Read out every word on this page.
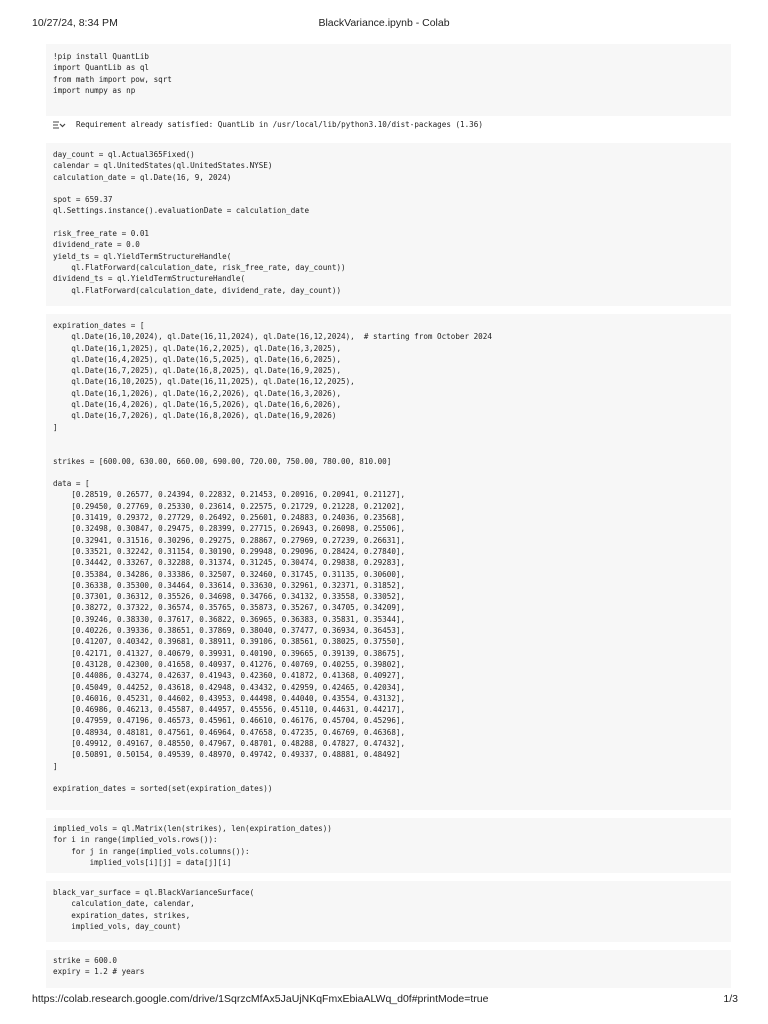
10/27/24, 8:34 PM	BlackVariance.ipynb - Colab
!pip install QuantLib
import QuantLib as ql
from math import pow, sqrt
import numpy as np
Requirement already satisfied: QuantLib in /usr/local/lib/python3.10/dist-packages (1.36)
day_count = ql.Actual365Fixed()
calendar = ql.UnitedStates(ql.UnitedStates.NYSE)
calculation_date = ql.Date(16, 9, 2024)

spot = 659.37
ql.Settings.instance().evaluationDate = calculation_date

risk_free_rate = 0.01
dividend_rate = 0.0
yield_ts = ql.YieldTermStructureHandle(
ql.FlatForward(calculation_date, risk_free_rate, day_count))
dividend_ts = ql.YieldTermStructureHandle(
ql.FlatForward(calculation_date, dividend_rate, day_count))
expiration_dates = [
ql.Date(16,10,2024), ql.Date(16,11,2024), ql.Date(16,12,2024),  # starting from October 2024
ql.Date(16,1,2025), ql.Date(16,2,2025), ql.Date(16,3,2025),
ql.Date(16,4,2025), ql.Date(16,5,2025), ql.Date(16,6,2025),
ql.Date(16,7,2025), ql.Date(16,8,2025), ql.Date(16,9,2025),
ql.Date(16,10,2025), ql.Date(16,11,2025), ql.Date(16,12,2025),
ql.Date(16,1,2026), ql.Date(16,2,2026), ql.Date(16,3,2026),
ql.Date(16,4,2026), ql.Date(16,5,2026), ql.Date(16,6,2026),
ql.Date(16,7,2026), ql.Date(16,8,2026), ql.Date(16,9,2026)
]

strikes = [600.00, 630.00, 660.00, 690.00, 720.00, 750.00, 780.00, 810.00]

data = [
[0.28519, 0.26577, 0.24394, 0.22832, 0.21453, 0.20916, 0.20941, 0.21127],
[0.29450, 0.27769, 0.25330, 0.23614, 0.22575, 0.21729, 0.21228, 0.21202],
[0.31419, 0.29372, 0.27729, 0.26492, 0.25601, 0.24883, 0.24036, 0.23568],
[0.32498, 0.30847, 0.29475, 0.28399, 0.27715, 0.26943, 0.26098, 0.25506],
[0.32941, 0.31516, 0.30296, 0.29275, 0.28867, 0.27969, 0.27239, 0.26631],
[0.33521, 0.32242, 0.31154, 0.30190, 0.29948, 0.29096, 0.28424, 0.27840],
[0.34442, 0.33267, 0.32288, 0.31374, 0.31245, 0.30474, 0.29838, 0.29283],
[0.35384, 0.34286, 0.33386, 0.32507, 0.32460, 0.31745, 0.31135, 0.30600],
[0.36338, 0.35300, 0.34464, 0.33614, 0.33630, 0.32961, 0.32371, 0.31852],
[0.37301, 0.36312, 0.35526, 0.34698, 0.34766, 0.34132, 0.33558, 0.33052],
[0.38272, 0.37322, 0.36574, 0.35765, 0.35873, 0.35267, 0.34705, 0.34209],
[0.39246, 0.38330, 0.37617, 0.36822, 0.36965, 0.36383, 0.35831, 0.35344],
[0.40226, 0.39336, 0.38651, 0.37869, 0.38040, 0.37477, 0.36934, 0.36453],
[0.41207, 0.40342, 0.39681, 0.38911, 0.39106, 0.38561, 0.38025, 0.37550],
[0.42171, 0.41327, 0.40679, 0.39931, 0.40190, 0.39665, 0.39139, 0.38675],
[0.43128, 0.42300, 0.41658, 0.40937, 0.41276, 0.40769, 0.40255, 0.39802],
[0.44086, 0.43274, 0.42637, 0.41943, 0.42360, 0.41872, 0.41368, 0.40927],
[0.45049, 0.44252, 0.43618, 0.42948, 0.43432, 0.42959, 0.42465, 0.42034],
[0.46016, 0.45231, 0.44602, 0.43953, 0.44498, 0.44040, 0.43554, 0.43132],
[0.46986, 0.46213, 0.45587, 0.44957, 0.45556, 0.45110, 0.44631, 0.44217],
[0.47959, 0.47196, 0.46573, 0.45961, 0.46610, 0.46176, 0.45704, 0.45296],
[0.48934, 0.48181, 0.47561, 0.46964, 0.47658, 0.47235, 0.46769, 0.46368],
[0.49912, 0.49167, 0.48550, 0.47967, 0.48701, 0.48288, 0.47827, 0.47432],
[0.50891, 0.50154, 0.49539, 0.48970, 0.49742, 0.49337, 0.48881, 0.48492]
]

expiration_dates = sorted(set(expiration_dates))
implied_vols = ql.Matrix(len(strikes), len(expiration_dates))
for i in range(implied_vols.rows()):
for j in range(implied_vols.columns()):
implied_vols[i][j] = data[j][i]
black_var_surface = ql.BlackVarianceSurface(
calculation_date, calendar,
expiration_dates, strikes,
implied_vols, day_count)
strike = 600.0
expiry = 1.2 # years
https://colab.research.google.com/drive/1SqrzcMfAx5JaUjNKqFmxEbiaALWq_d0f#printMode=true	1/3
